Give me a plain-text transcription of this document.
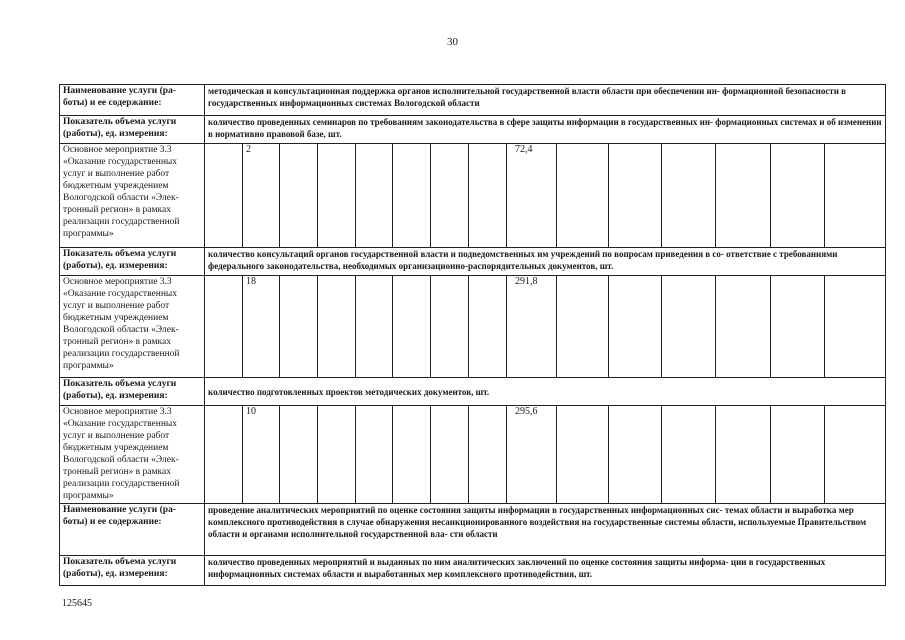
30
Наименование услуги (ра- боты) и ее содержание:	методическая и консультационная поддержка органов исполнительной государственной власти области при обеспечении ин- формационной безопасности в государственных информационных системах Вологодской области														
Показатель объема услуги (работы), ед. измерения:	количество проведенных семинаров по требованиям законодательства в сфере защиты информации в государственных ин- формационных системах и об изменении в нормативно правовой базе, шт.														
Основное мероприятие 3.3 «Оказание государственных услуг и выполнение работ бюджетным учреждением Вологодской области «Элек- тронный регион» в рамках реализации государственной программы»		2							72,4						
Показатель объема услуги (работы), ед. измерения:	количество консультаций органов государственной власти и подведомственных им учреждений по вопросам приведения в со- ответствие с требованиями федерального законодательства, необходимых организационно-распорядительных документов, шт.														
Основное мероприятие 3.3 «Оказание государственных услуг и выполнение работ бюджетным учреждением Вологодской области «Элек- тронный регион» в рамках реализации государственной программы»		18							291,8						
Показатель объема услуги (работы), ед. измерения:	количество подготовленных проектов методических документов, шт.														
Основное мероприятие 3.3 «Оказание государственных услуг и выполнение работ бюджетным учреждением Вологодской области «Элек- тронный регион» в рамках реализации государственной программы»		10							295,6						
Наименование услуги (ра- боты) и ее содержание:	проведение аналитических мероприятий по оценке состояния защиты информации в государственных информационных сис- темах области и выработка мер комплексного противодействия в случае обнаружения несанкционированного воздействия на государственные системы области, используемые Правительством области и органами исполнительной государственной вла- сти области														
Показатель объема услуги (работы), ед. измерения:	количество проведенных мероприятий и выданных по ним аналитических заключений по оценке состояния защиты информа- ции в государственных информационных системах области и выработанных мер комплексного противодействия, шт.														
125645
